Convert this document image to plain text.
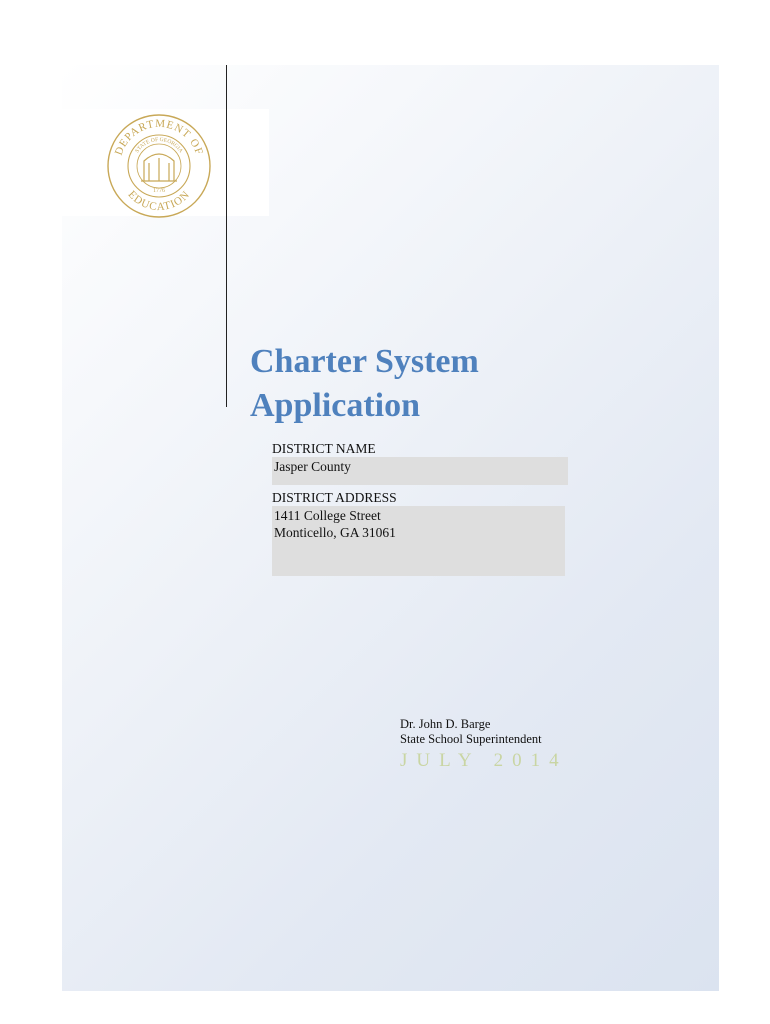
DEPARTMENT OF
EDUCATION
STATE OF GEORGIA
1776
Charter System
Application
DISTRICT NAME
Jasper County
DISTRICT ADDRESS
1411 College Street
Monticello, GA 31061
Dr. John D. Barge
State School Superintendent
JULY 2014
